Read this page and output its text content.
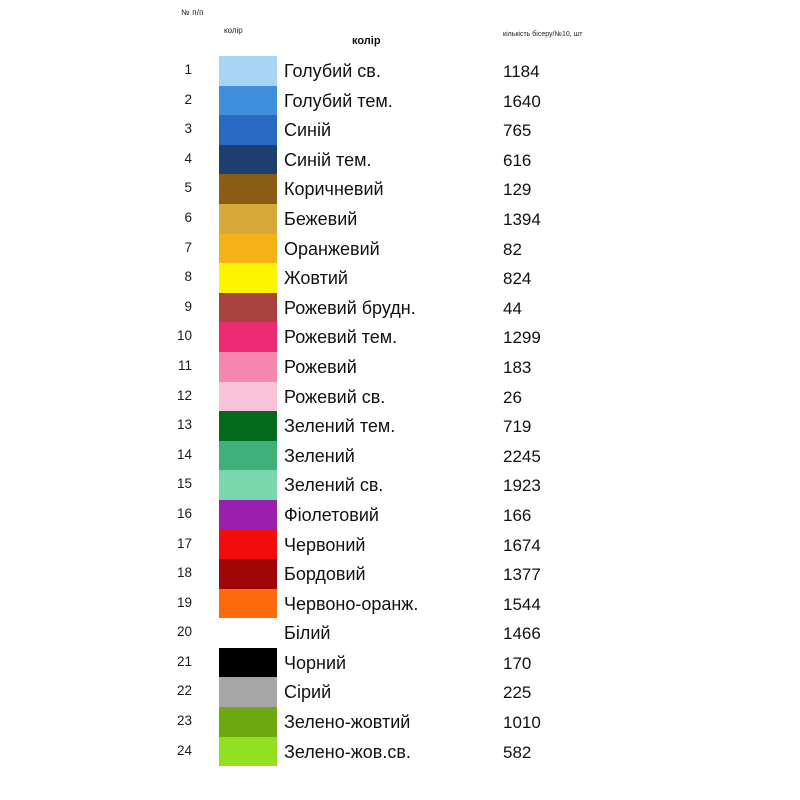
№ п/п
колір
колір
кількість бісеру/№10, шт
1	Голубий св.	1184
2	Голубий тем.	1640
3	Синій	765
4	Синій тем.	616
5	Коричневий	129
6	Бежевий	1394
7	Оранжевий	82
8	Жовтий	824
9	Рожевий брудн.	44
10	Рожевий тем.	1299
11	Рожевий	183
12	Рожевий св.	26
13	Зелений тем.	719
14	Зелений	2245
15	Зелений св.	1923
16	Фіолетовий	166
17	Червоний	1674
18	Бордовий	1377
19	Червоно-оранж.	1544
20	Білий	1466
21	Чорний	170
22	Сірий	225
23	Зелено-жовтий	1010
24	Зелено-жов.св.	582
